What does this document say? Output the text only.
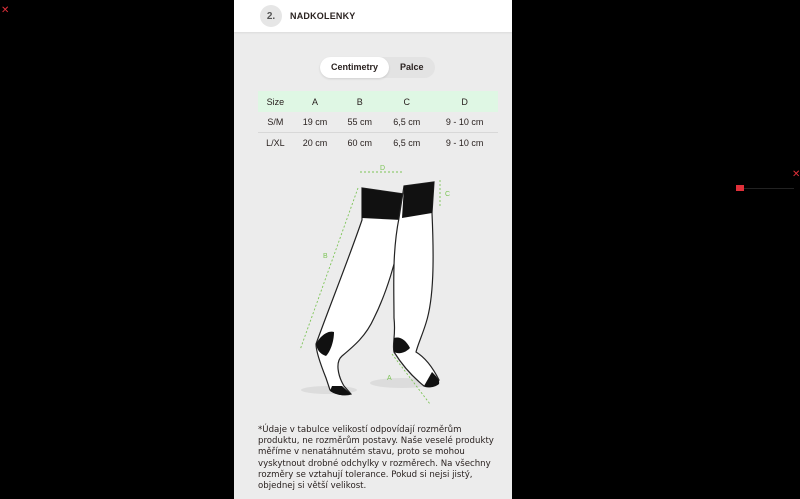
✕
✕
2.	NADKOLENKY
Centimetry	Palce
Size	A	B	C	D
S/M	19 cm	55 cm	6,5 cm	9 - 10 cm
L/XL	20 cm	60 cm	6,5 cm	9 - 10 cm
D
C
B
A
*Údaje v tabulce velikostí odpovídají rozměrům produktu, ne rozměrům postavy. Naše veselé produkty měříme v nenatáhnutém stavu, proto se mohou vyskytnout drobné odchylky v rozměrech. Na všechny rozměry se vztahují tolerance. Pokud si nejsi jistý, objednej si větší velikost.
